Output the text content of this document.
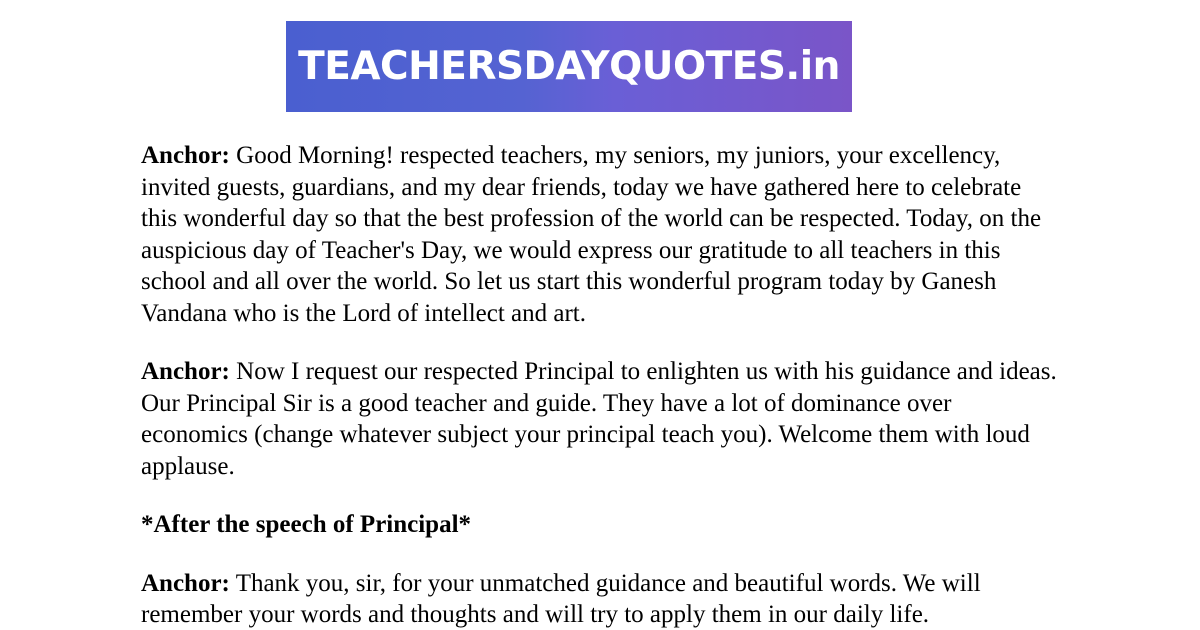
TEACHERSDAYQUOTES.in

Anchor: Good Morning! respected teachers, my seniors, my juniors, your excellency, invited guests, guardians, and my dear friends, today we have gathered here to celebrate this wonderful day so that the best profession of the world can be respected. Today, on the auspicious day of Teacher's Day, we would express our gratitude to all teachers in this school and all over the world. So let us start this wonderful program today by Ganesh Vandana who is the Lord of intellect and art.

Anchor: Now I request our respected Principal to enlighten us with his guidance and ideas. Our Principal Sir is a good teacher and guide. They have a lot of dominance over economics (change whatever subject your principal teach you). Welcome them with loud applause.

*After the speech of Principal*

Anchor: Thank you, sir, for your unmatched guidance and beautiful words. We will remember your words and thoughts and will try to apply them in our daily life.
